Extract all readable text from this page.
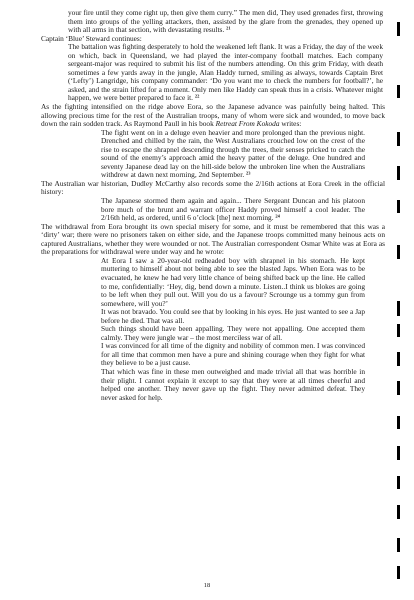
your fire until they come right up, then give them curry.” The men did, They used grenades first, throwing them into groups of the yelling attackers, then, assisted by the glare from the grenades, they opened up with all arms in that section, with devastating results. $^{21}$

Captain ‘Blue’ Steward continues:

The battalion was fighting desperately to hold the weakened left flank. It was a Friday, the day of the week on which, back in Queensland, we had played the inter-company football matches. Each company sergeant-major was required to submit his list of the numbers attending. On this grim Friday, with death sometimes a few yards away in the jungle, Alan Haddy turned, smiling as always, towards Captain Bret (‘Lefty’) Langridge, his company commander: ‘Do you want me to check the numbers for football?’, he asked, and the strain lifted for a moment. Only men like Haddy can speak thus in a crisis. Whatever might happen, we were better prepared to face it. $^{22}$

As the fighting intensified on the ridge above Eora, so the Japanese advance was painfully being halted. This allowing precious time for the rest of the Australian troops, many of whom were sick and wounded, to move back down the rain sodden track. As Raymond Paull in his book Retreat From Kokoda writes:

The fight went on in a deluge even heavier and more prolonged than the previous night. Drenched and chilled by the rain, the West Australians crouched low on the crest of the rise to escape the shrapnel descending through the trees, their senses pricked to catch the sound of the enemy’s approach amid the heavy patter of the deluge. One hundred and seventy Japanese dead lay on the hill-side below the unbroken line when the Australians withdrew at dawn next morning, 2nd September. $^{23}$

The Australian war historian, Dudley McCarthy also records some the 2/16th actions at Eora Creek in the official history:

The Japanese stormed them again and again... There Sergeant Duncan and his platoon bore much of the brunt and warrant officer Haddy proved himself a cool leader. The 2/16th held, as ordered, until 6 o’clock [the] next morning. $^{24}$

The withdrawal from Eora brought its own special misery for some, and it must be remembered that this was a ‘dirty’ war; there were no prisoners taken on either side, and the Japanese troops committed many heinous acts on captured Australians, whether they were wounded or not. The Australian correspondent Osmar White was at Eora as the preparations for withdrawal were under way and he wrote:

At Eora I saw a 20-year-old redheaded boy with shrapnel in his stomach. He kept muttering to himself about not being able to see the blasted Japs. When Eora was to be evacuated, he knew he had very little chance of being shifted back up the line. He called to me, confidentially: ‘Hey, dig, bend down a minute. Listen..I think us blokes are going to be left when they pull out. Will you do us a favour? Scrounge us a tommy gun from somewhere, will you?’

It was not bravado. You could see that by looking in his eyes. He just wanted to see a Jap before he died. That was all.

Such things should have been appalling. They were not appalling. One accepted them calmly. They were jungle war – the most merciless war of all.

I was convinced for all time of the dignity and nobility of common men. I was convinced for all time that common men have a pure and shining courage when they fight for what they believe to be a just cause.

That which was fine in these men outweighed and made trivial all that was horrible in their plight. I cannot explain it except to say that they were at all times cheerful and helped one another. They never gave up the fight. They never admitted defeat. They never asked for help.

18
